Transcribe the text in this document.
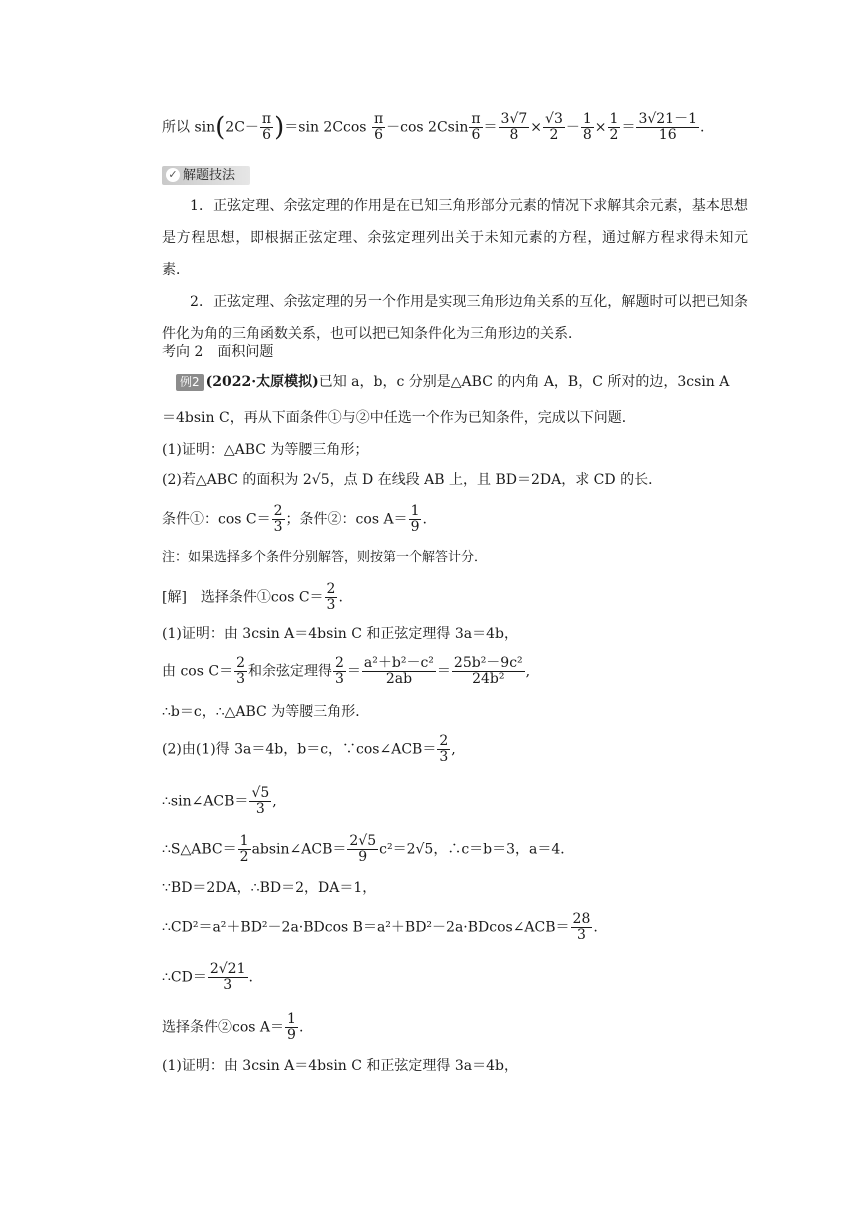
所以 $\sin(2C- \frac{\pi}{6} )=\sin$ $2Ccos \frac{\pi}{6} -\cos$ $2Csin \frac{\pi}{6} = \frac{3√7}{8} \times \frac{√3}{2} - \frac{1}{8} \times \frac{1}{2} = \frac{3√21-1}{16}$ .
✓ 解题技法
1．正弦定理、余弦定理的作用是在已知三角形部分元素的情况下求解其余元素，基本思想是方程思想，即根据正弦定理、余弦定理列出关于未知元素的方程，通过解方程求得未知元素．
2．正弦定理、余弦定理的另一个作用是实现三角形边角关系的互化，解题时可以把已知条件化为角的三角函数关系，也可以把已知条件化为三角形边的关系．
考向 2　面积问题
例2 (2022·太原模拟)已知 a，b，c 分别是△ABC 的内角 A，B，C 所对的边，3csin A
＝4bsin C，再从下面条件①与②中任选一个作为已知条件，完成以下问题．
(1)证明：△ABC 为等腰三角形；
(2)若△ABC 的面积为 2√5，点 D 在线段 AB 上，且 BD＝2DA，求 CD 的长．
条件①：$\cos C= \frac{2}{3}$ ；条件②：$\cos A= \frac{1}{9}$ .
注：如果选择多个条件分别解答，则按第一个解答计分．
[解]　选择条件①cos $C= \frac{2}{3}$ .
(1)证明：由 3csin A＝4bsin C 和正弦定理得 3a＝4b，
由 $\cos C= \frac{2}{3}$ 和余弦定理得 $\frac{2}{3} = \frac{\text{a²＋b²－c²}}{2ab} = \frac{\text{25b²－9c²}}{\text{24b²}}$ ,
∴b＝c，∴△ABC 为等腰三角形．
(2)由(1)得 3a＝4b，b＝c，∵cos∠ACB＝ $\frac{2}{3}$ ,
∴sin∠ACB＝ $\frac{√5}{3}$ ,
∴S△ABC＝ $\frac{1}{2}$ absin∠ACB＝ $\frac{2√5}{9} c^2=2√5$，∴c＝b＝3，a＝4．
∵BD＝2DA，∴BD＝2，DA＝1，
∴CD²＝a²＋BD²－2a·BDcos B＝a²＋BD²－2a·BDcos∠ACB＝ $\frac{28}{3}$ .
∴CD＝ $\frac{2√21}{3}$ .
选择条件②cos $A= \frac{1}{9}$ .
(1)证明：由 3csin A＝4bsin C 和正弦定理得 3a＝4b，
